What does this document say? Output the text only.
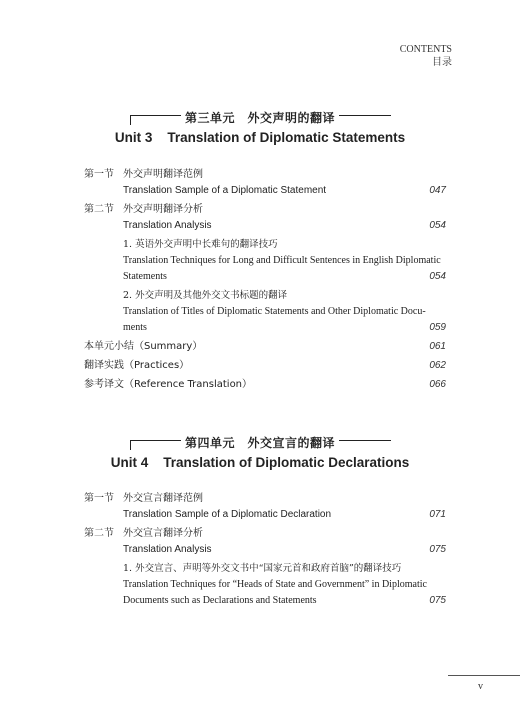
CONTENTS
目录
第三单元　外交声明的翻译
Unit 3    Translation of Diplomatic Statements
第一节 外交声明翻译范例
Translation Sample of a Diplomatic Statement	047
第二节 外交声明翻译分析
Translation Analysis	054
1. 英语外交声明中长难句的翻译技巧
Translation Techniques for Long and Difficult Sentences in English Diplomatic
Statements	054
2. 外交声明及其他外交文书标题的翻译
Translation of Titles of Diplomatic Statements and Other Diplomatic Docu-
ments	059
本单元小结（Summary）	061
翻译实践（Practices）	062
参考译文（Reference Translation）	066
第四单元　外交宣言的翻译
Unit 4    Translation of Diplomatic Declarations
第一节 外交宣言翻译范例
Translation Sample of a Diplomatic Declaration	071
第二节 外交宣言翻译分析
Translation Analysis	075
1. 外交宣言、声明等外交文书中“国家元首和政府首脑”的翻译技巧
Translation Techniques for “Heads of State and Government” in Diplomatic
Documents such as Declarations and Statements	075
v
